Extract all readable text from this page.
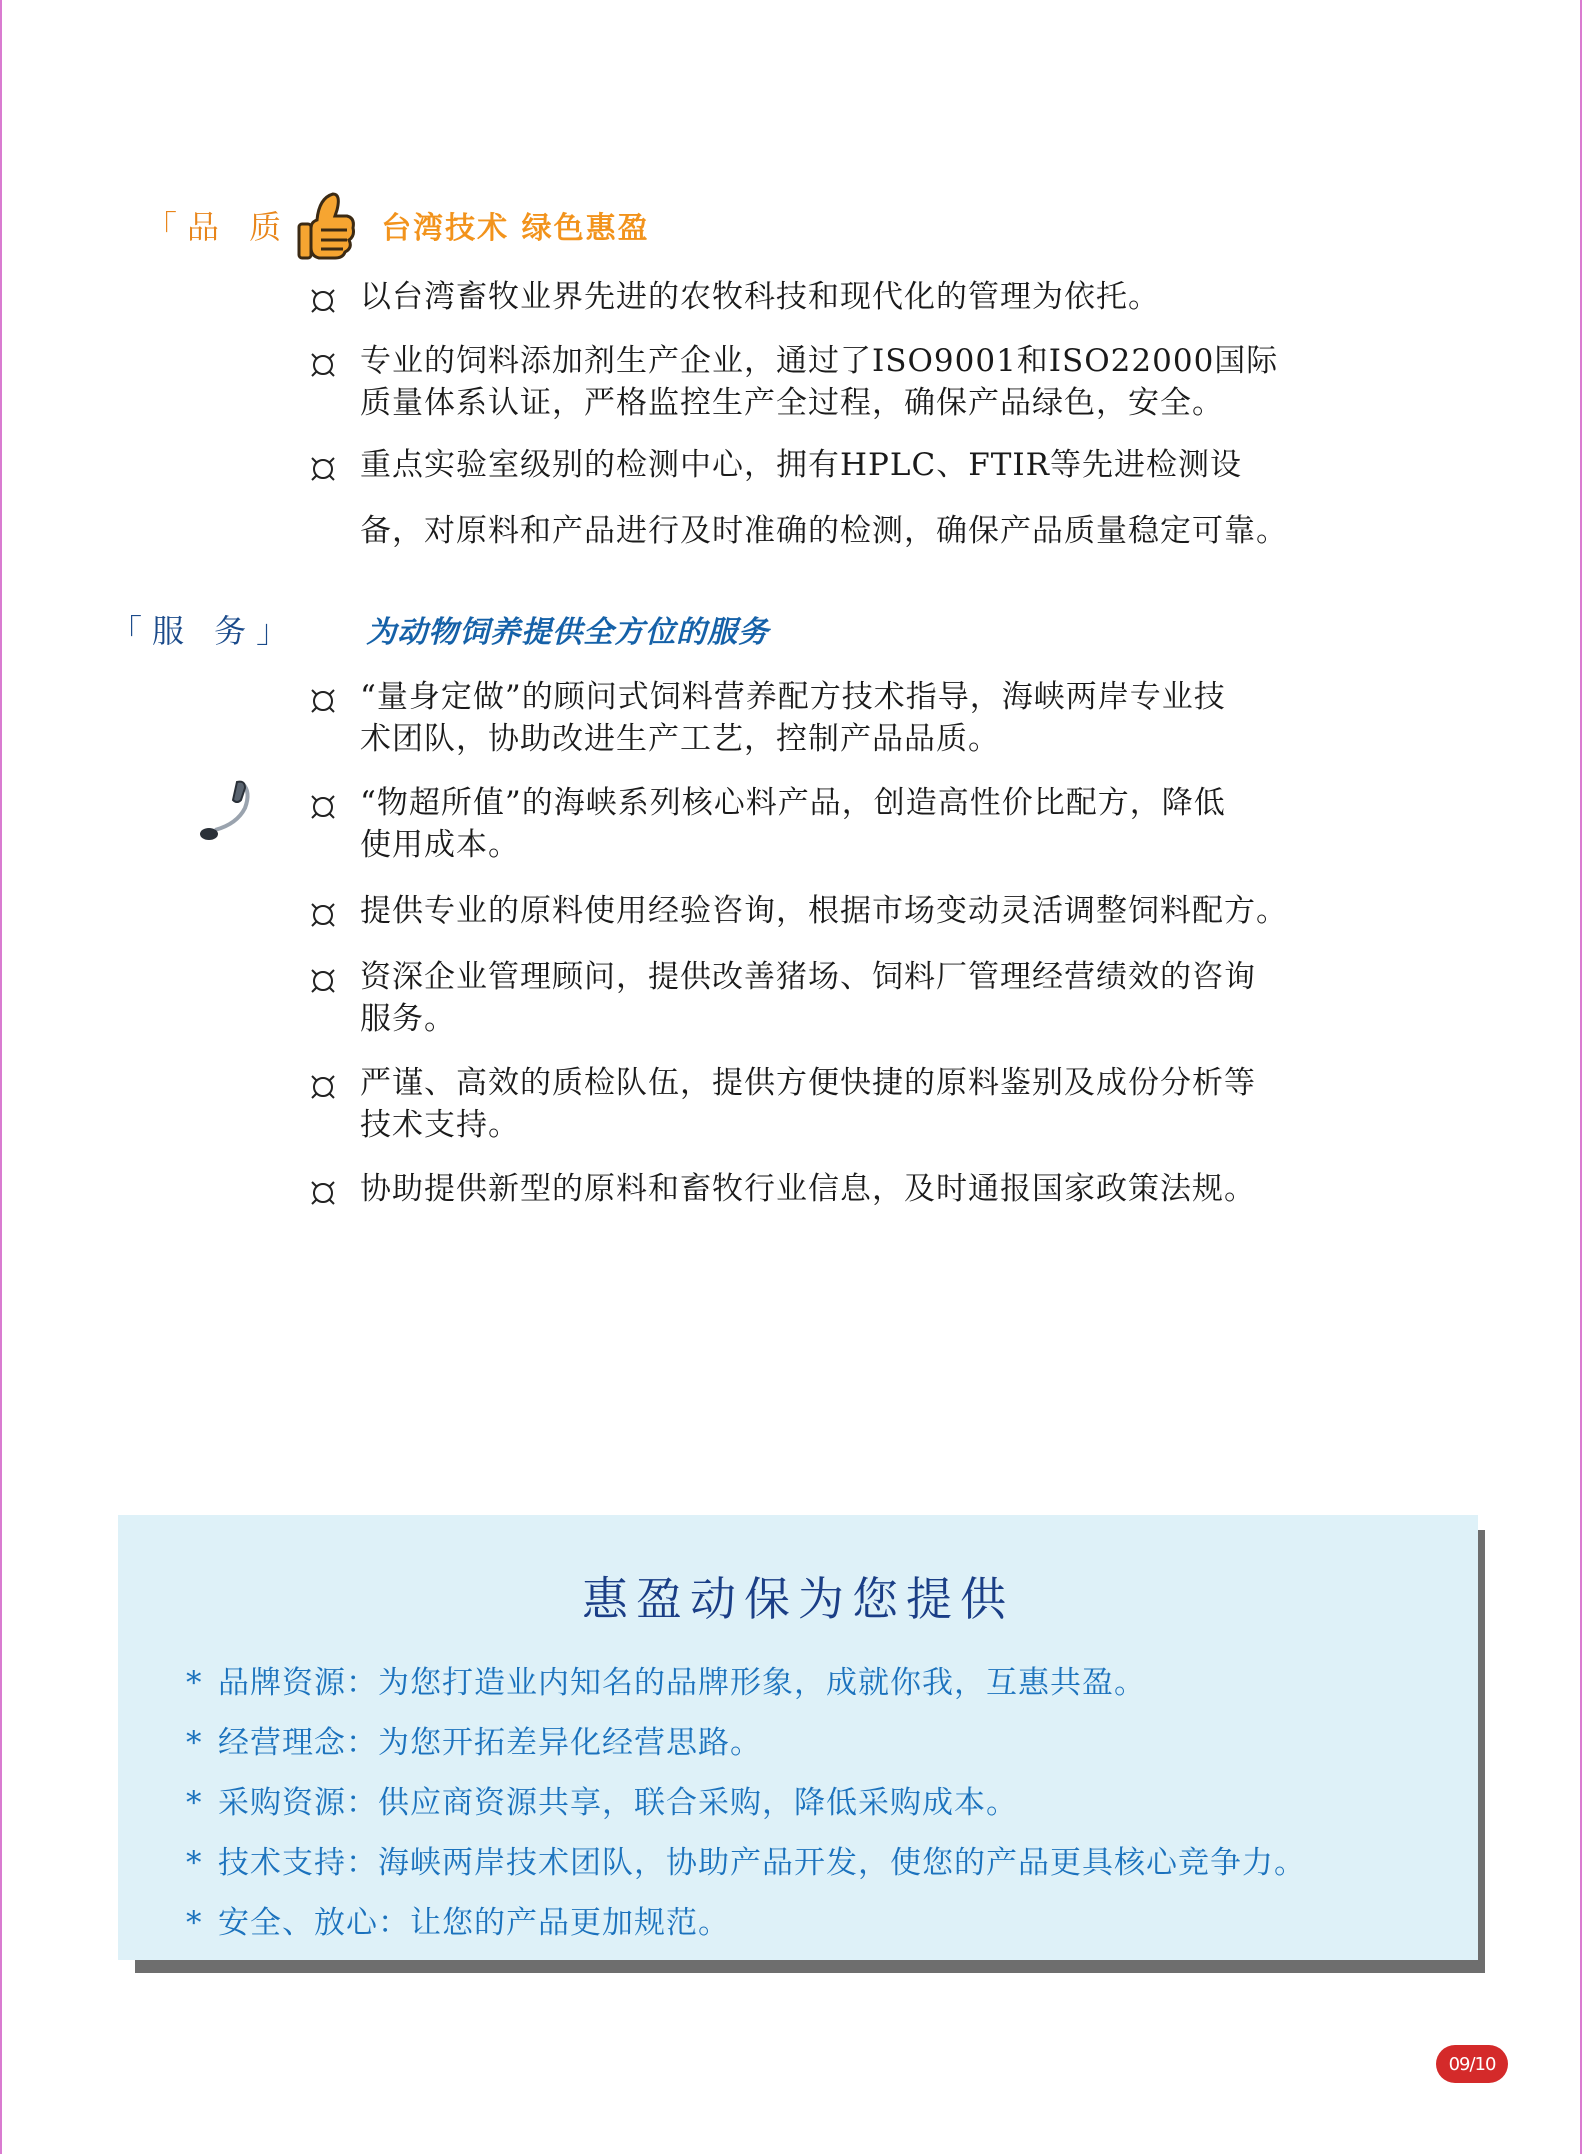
「品 质	台湾技术 绿色惠盈
以台湾畜牧业界先进的农牧科技和现代化的管理为依托。
专业的饲料添加剂生产企业，通过了ISO9001和ISO22000国际
质量体系认证，严格监控生产全过程，确保产品绿色，安全。
重点实验室级别的检测中心，拥有HPLC、FTIR等先进检测设
备，对原料和产品进行及时准确的检测，确保产品质量稳定可靠。
「服 务」 为动物饲养提供全方位的服务
“量身定做”的顾问式饲料营养配方技术指导，海峡两岸专业技
术团队，协助改进生产工艺，控制产品品质。
“物超所值”的海峡系列核心料产品，创造高性价比配方，降低
使用成本。
提供专业的原料使用经验咨询，根据市场变动灵活调整饲料配方。
资深企业管理顾问，提供改善猪场、饲料厂管理经营绩效的咨询
服务。
严谨、高效的质检队伍，提供方便快捷的原料鉴别及成份分析等
技术支持。
协助提供新型的原料和畜牧行业信息，及时通报国家政策法规。
惠盈动保为您提供
* 品牌资源：为您打造业内知名的品牌形象，成就你我，互惠共盈。
* 经营理念：为您开拓差异化经营思路。
* 采购资源：供应商资源共享，联合采购，降低采购成本。
* 技术支持：海峡两岸技术团队，协助产品开发，使您的产品更具核心竞争力。
* 安全、放心：让您的产品更加规范。
09/10
